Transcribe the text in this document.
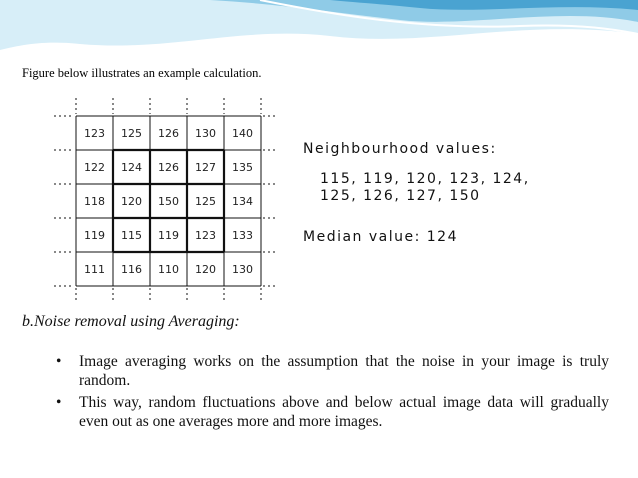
Figure below illustrates an example calculation.
123 125 126 130 140
122 124 126 127 135
118 120 150 125 134
119 115 119 123 133
111 116 110 120 130
Neighbourhood values:
115, 119, 120, 123, 124,
125, 126, 127, 150
Median value: 124
b.Noise removal using Averaging:
• Image averaging works on the assumption that the noise in your image is truly random.
• This way, random fluctuations above and below actual image data will gradually even out as one averages more and more images.
